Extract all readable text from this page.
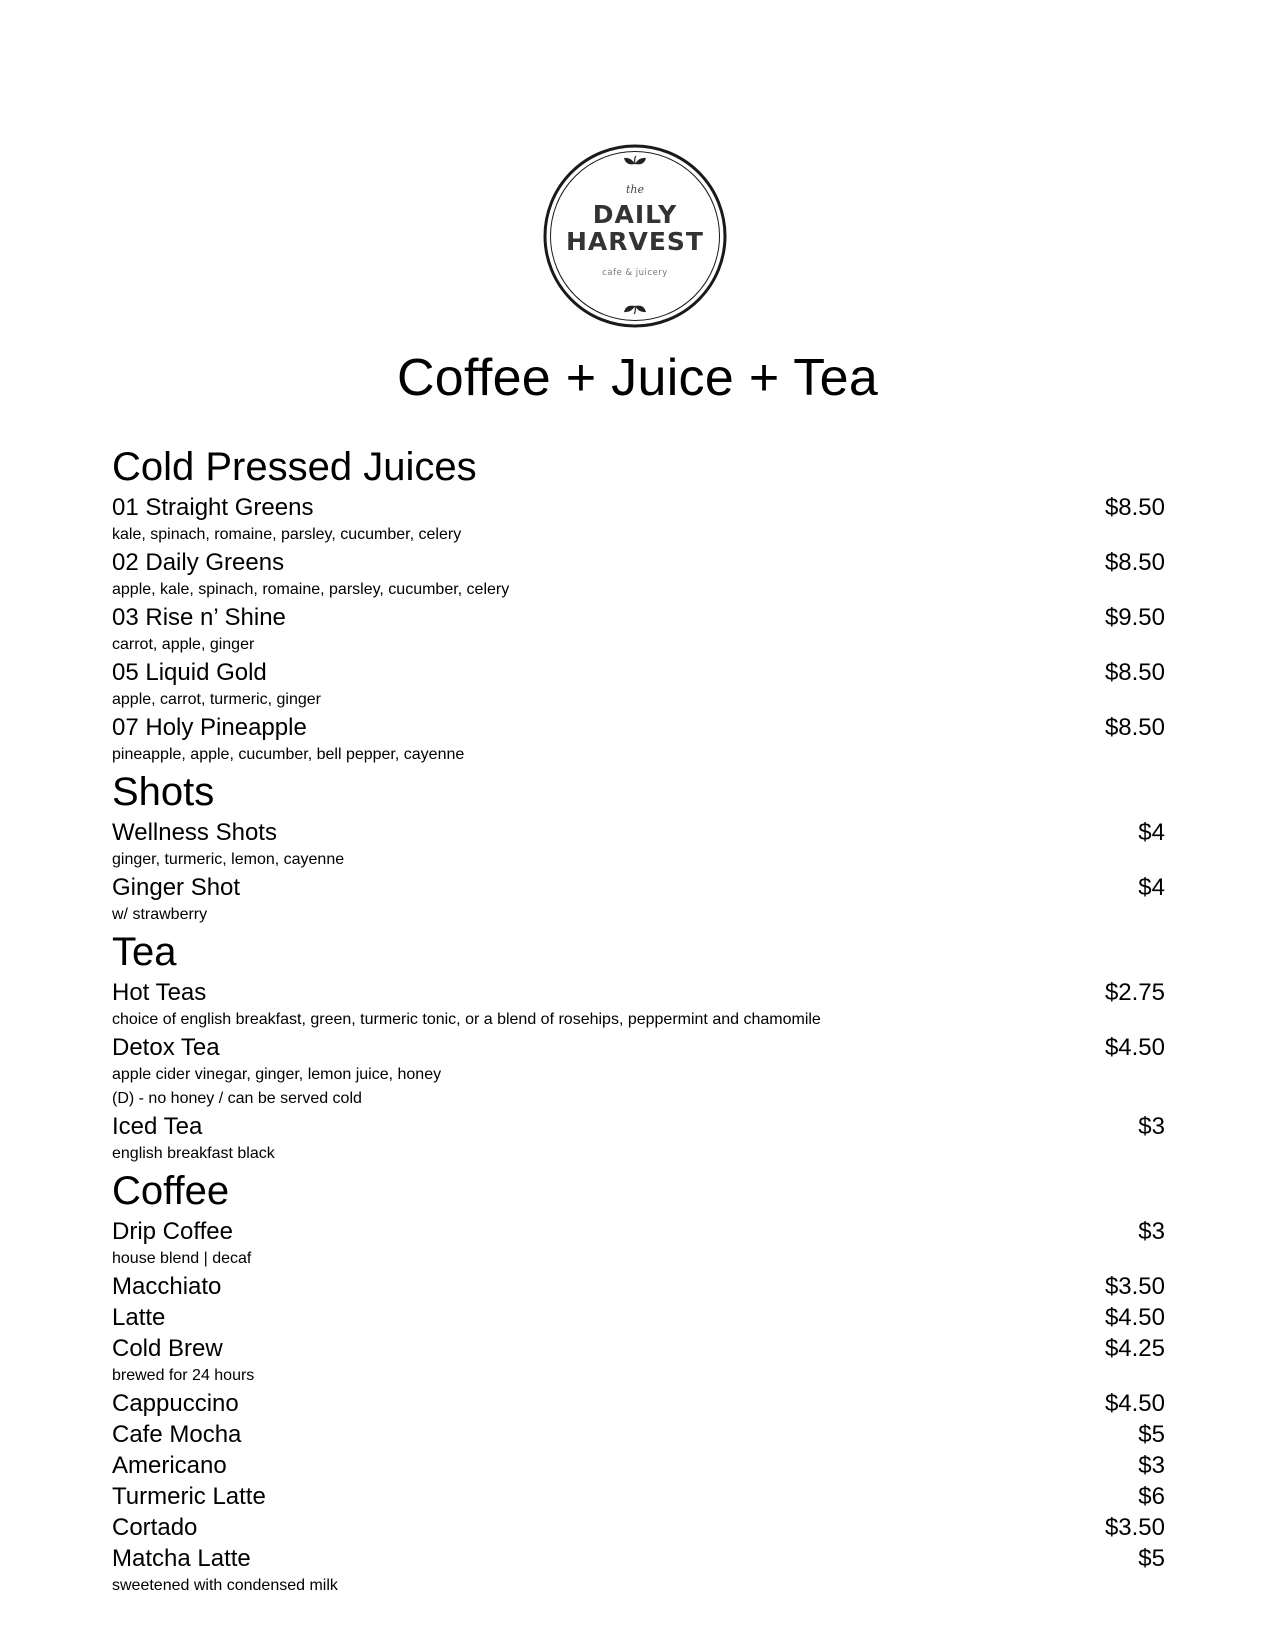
the
DAILY
HARVEST
cafe & juicery
Coffee + Juice + Tea
Cold Pressed Juices
01 Straight Greens	$8.50
kale, spinach, romaine, parsley, cucumber, celery
02 Daily Greens	$8.50
apple, kale, spinach, romaine, parsley, cucumber, celery
03 Rise n’ Shine	$9.50
carrot, apple, ginger
05 Liquid Gold	$8.50
apple, carrot, turmeric, ginger
07 Holy Pineapple	$8.50
pineapple, apple, cucumber, bell pepper, cayenne
Shots
Wellness Shots	$4
ginger, turmeric, lemon, cayenne
Ginger Shot	$4
w/ strawberry
Tea
Hot Teas	$2.75
choice of english breakfast, green, turmeric tonic, or a blend of rosehips, peppermint and chamomile
Detox Tea	$4.50
apple cider vinegar, ginger, lemon juice, honey
(D) - no honey / can be served cold
Iced Tea	$3
english breakfast black
Coffee
Drip Coffee	$3
house blend | decaf
Macchiato	$3.50
Latte	$4.50
Cold Brew	$4.25
brewed for 24 hours
Cappuccino	$4.50
Cafe Mocha	$5
Americano	$3
Turmeric Latte	$6
Cortado	$3.50
Matcha Latte	$5
sweetened with condensed milk
